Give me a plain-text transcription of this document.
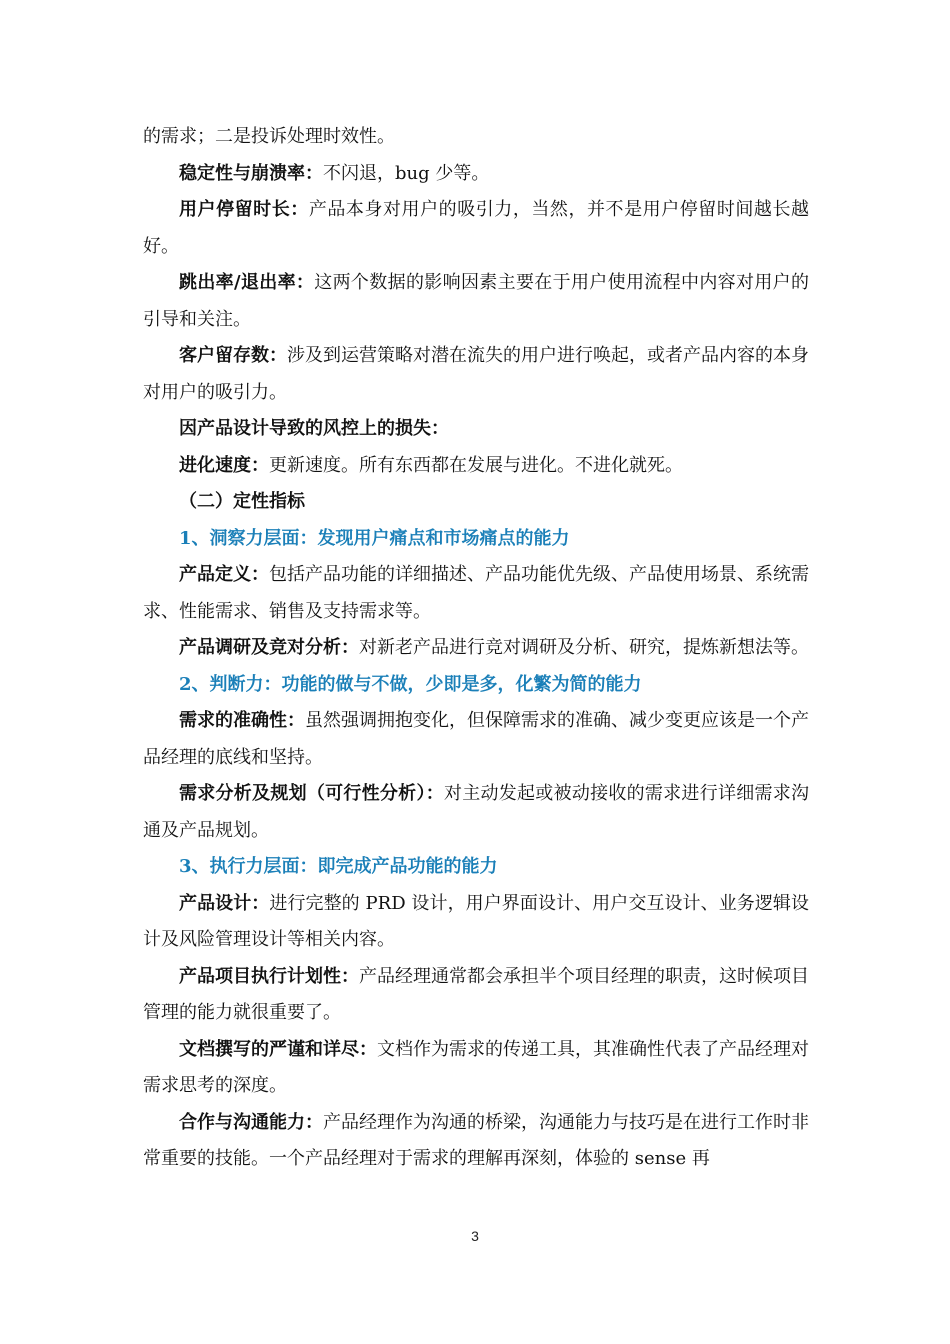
的需求；二是投诉处理时效性。

稳定性与崩溃率：不闪退，bug 少等。

用户停留时长：产品本身对用户的吸引力，当然，并不是用户停留时间越长越好。

跳出率/退出率：这两个数据的影响因素主要在于用户使用流程中内容对用户的引导和关注。

客户留存数：涉及到运营策略对潜在流失的用户进行唤起，或者产品内容的本身对用户的吸引力。

因产品设计导致的风控上的损失：

进化速度：更新速度。所有东西都在发展与进化。不进化就死。

（二）定性指标

1、洞察力层面：发现用户痛点和市场痛点的能力

产品定义：包括产品功能的详细描述、产品功能优先级、产品使用场景、系统需求、性能需求、销售及支持需求等。

产品调研及竞对分析：对新老产品进行竞对调研及分析、研究，提炼新想法等。

2、判断力：功能的做与不做，少即是多，化繁为简的能力

需求的准确性：虽然强调拥抱变化，但保障需求的准确、减少变更应该是一个产品经理的底线和坚持。

需求分析及规划（可行性分析）：对主动发起或被动接收的需求进行详细需求沟通及产品规划。

3、执行力层面：即完成产品功能的能力

产品设计：进行完整的 PRD 设计，用户界面设计、用户交互设计、业务逻辑设计及风险管理设计等相关内容。

产品项目执行计划性：产品经理通常都会承担半个项目经理的职责，这时候项目管理的能力就很重要了。

文档撰写的严谨和详尽：文档作为需求的传递工具，其准确性代表了产品经理对需求思考的深度。

合作与沟通能力：产品经理作为沟通的桥梁，沟通能力与技巧是在进行工作时非常重要的技能。一个产品经理对于需求的理解再深刻，体验的 sense 再

3
